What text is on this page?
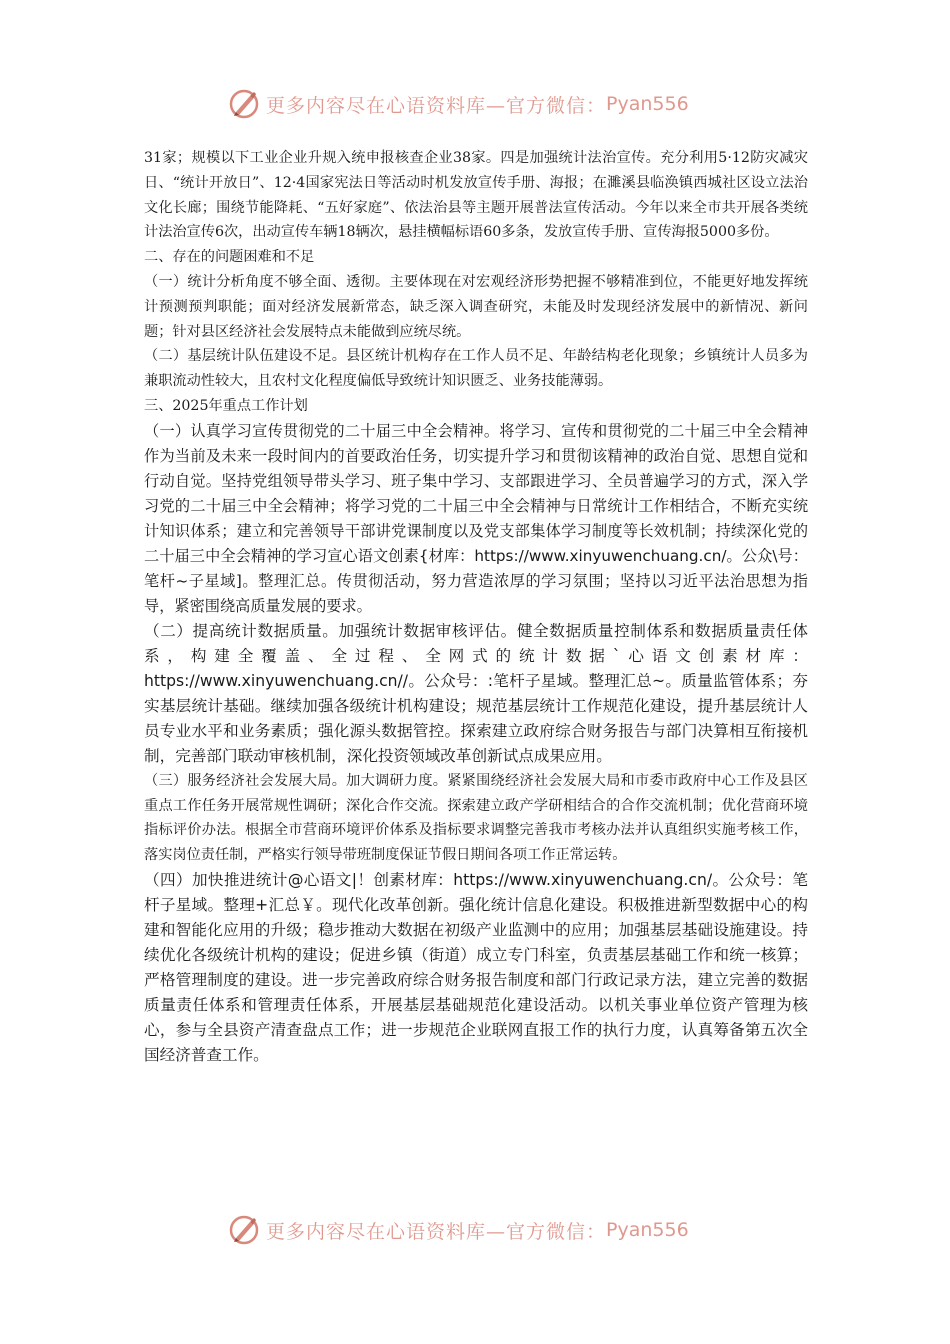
更多内容尽在心语资料库—官方微信： Pyan556

31家；规模以下工业企业升规入统申报核查企业38家。四是加强统计法治宣传。充分利用5·12防灾减灾日、“统计开放日”、12·4国家宪法日等活动时机发放宣传手册、海报；在濉溪县临涣镇西城社区设立法治文化长廊；围绕节能降耗、“五好家庭”、依法治县等主题开展普法宣传活动。今年以来全市共开展各类统计法治宣传6次，出动宣传车辆18辆次，悬挂横幅标语60多条，发放宣传手册、宣传海报5000多份。

二、存在的问题困难和不足

（一）统计分析角度不够全面、透彻。主要体现在对宏观经济形势把握不够精准到位，不能更好地发挥统计预测预判职能；面对经济发展新常态，缺乏深入调查研究，未能及时发现经济发展中的新情况、新问题；针对县区经济社会发展特点未能做到应统尽统。

（二）基层统计队伍建设不足。县区统计机构存在工作人员不足、年龄结构老化现象；乡镇统计人员多为兼职流动性较大，且农村文化程度偏低导致统计知识匮乏、业务技能薄弱。

三、2025年重点工作计划

（一）认真学习宣传贯彻党的二十届三中全会精神。将学习、宣传和贯彻党的二十届三中全会精神作为当前及未来一段时间内的首要政治任务，切实提升学习和贯彻该精神的政治自觉、思想自觉和行动自觉。坚持党组领导带头学习、班子集中学习、支部跟进学习、全员普遍学习的方式，深入学习党的二十届三中全会精神；将学习党的二十届三中全会精神与日常统计工作相结合，不断充实统计知识体系；建立和完善领导干部讲党课制度以及党支部集体学习制度等长效机制；持续深化党的二十届三中全会精神的学习宣心语文创素{材库：https://www.xinyuwenchuang.cn/。公众\号：笔杆~子星域]。整理汇总。传贯彻活动，努力营造浓厚的学习氛围；坚持以习近平法治思想为指导，紧密围绕高质量发展的要求。

（二）提高统计数据质量。加强统计数据审核评估。健全数据质量控制体系和数据质量责任体系，构建全覆盖、全过程、全网式的统计数据`心语文创素材库：https://www.xinyuwenchuang.cn//。公众号：:笔杆子星域。整理汇总~。质量监管体系；夯实基层统计基础。继续加强各级统计机构建设；规范基层统计工作规范化建设，提升基层统计人员专业水平和业务素质；强化源头数据管控。探索建立政府综合财务报告与部门决算相互衔接机制，完善部门联动审核机制，深化投资领域改革创新试点成果应用。

（三）服务经济社会发展大局。加大调研力度。紧紧围绕经济社会发展大局和市委市政府中心工作及县区重点工作任务开展常规性调研；深化合作交流。探索建立政产学研相结合的合作交流机制；优化营商环境指标评价办法。根据全市营商环境评价体系及指标要求调整完善我市考核办法并认真组织实施考核工作，落实岗位责任制，严格实行领导带班制度保证节假日期间各项工作正常运转。

（四）加快推进统计@心语文|！创素材库：https://www.xinyuwenchuang.cn/。公众号：笔杆子星域。整理+汇总￥。现代化改革创新。强化统计信息化建设。积极推进新型数据中心的构建和智能化应用的升级；稳步推动大数据在初级产业监测中的应用；加强基层基础设施建设。持续优化各级统计机构的建设；促进乡镇（街道）成立专门科室，负责基层基础工作和统一核算；严格管理制度的建设。进一步完善政府综合财务报告制度和部门行政记录方法，建立完善的数据质量责任体系和管理责任体系，开展基层基础规范化建设活动。以机关事业单位资产管理为核心，参与全县资产清查盘点工作；进一步规范企业联网直报工作的执行力度，认真筹备第五次全国经济普查工作。

更多内容尽在心语资料库—官方微信： Pyan556
